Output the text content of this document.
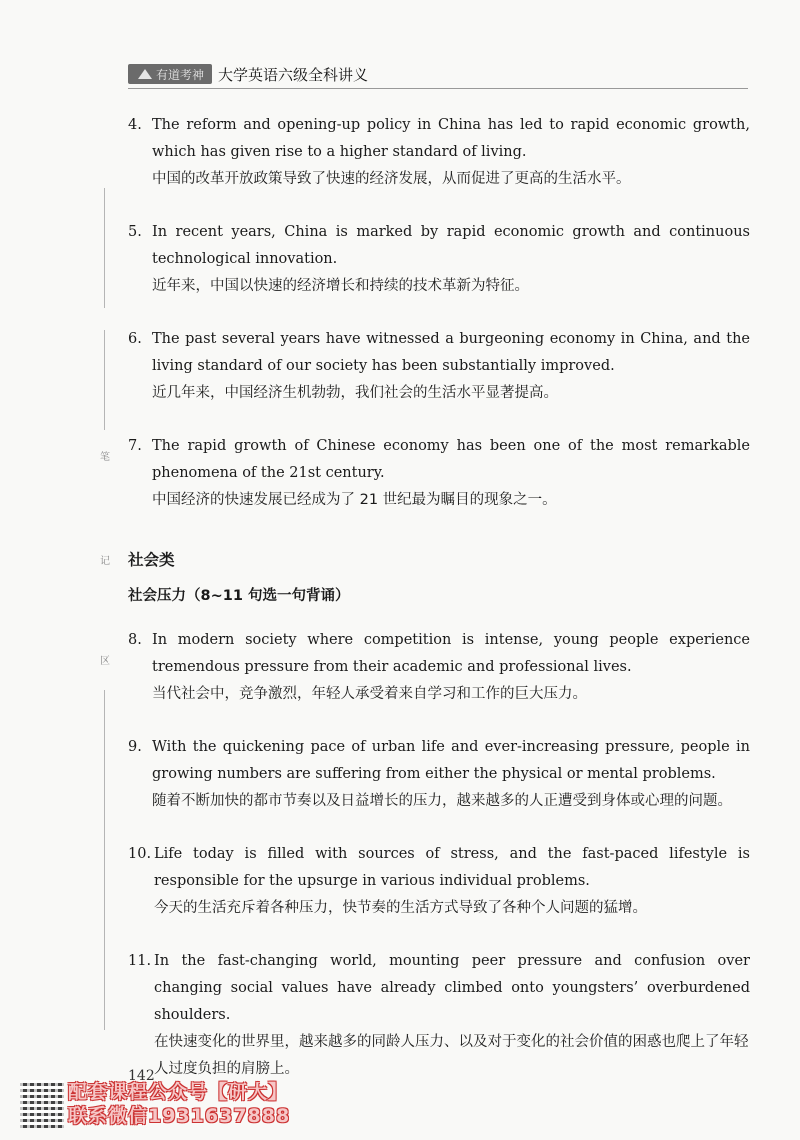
有道考神 大学英语六级全科讲义
笔
记
区
4. The reform and opening-up policy in China has led to rapid economic growth, which has given rise to a higher standard of living.

中国的改革开放政策导致了快速的经济发展，从而促进了更高的生活水平。

5. In recent years, China is marked by rapid economic growth and continuous technological innovation.

近年来，中国以快速的经济增长和持续的技术革新为特征。

6. The past several years have witnessed a burgeoning economy in China, and the living standard of our society has been substantially improved.

近几年来，中国经济生机勃勃，我们社会的生活水平显著提高。

7. The rapid growth of Chinese economy has been one of the most remarkable phenomena of the 21st century.

中国经济的快速发展已经成为了 21 世纪最为瞩目的现象之一。

社会类
社会压力（8~11 句选一句背诵）
8. In modern society where competition is intense, young people experience tremendous pressure from their academic and professional lives.

当代社会中，竞争激烈，年轻人承受着来自学习和工作的巨大压力。

9. With the quickening pace of urban life and ever-increasing pressure, people in growing numbers are suffering from either the physical or mental problems.

随着不断加快的都市节奏以及日益增长的压力，越来越多的人正遭受到身体或心理的问题。

10. Life today is filled with sources of stress, and the fast-paced lifestyle is responsible for the upsurge in various individual problems.

今天的生活充斥着各种压力，快节奏的生活方式导致了各种个人问题的猛增。

11. In the fast-changing world, mounting peer pressure and confusion over changing social values have already climbed onto youngsters’ overburdened shoulders.

在快速变化的世界里，越来越多的同龄人压力、以及对于变化的社会价值的困惑也爬上了年轻人过度负担的肩膀上。

142
配套课程公众号【研大】
联系微信1931637888
